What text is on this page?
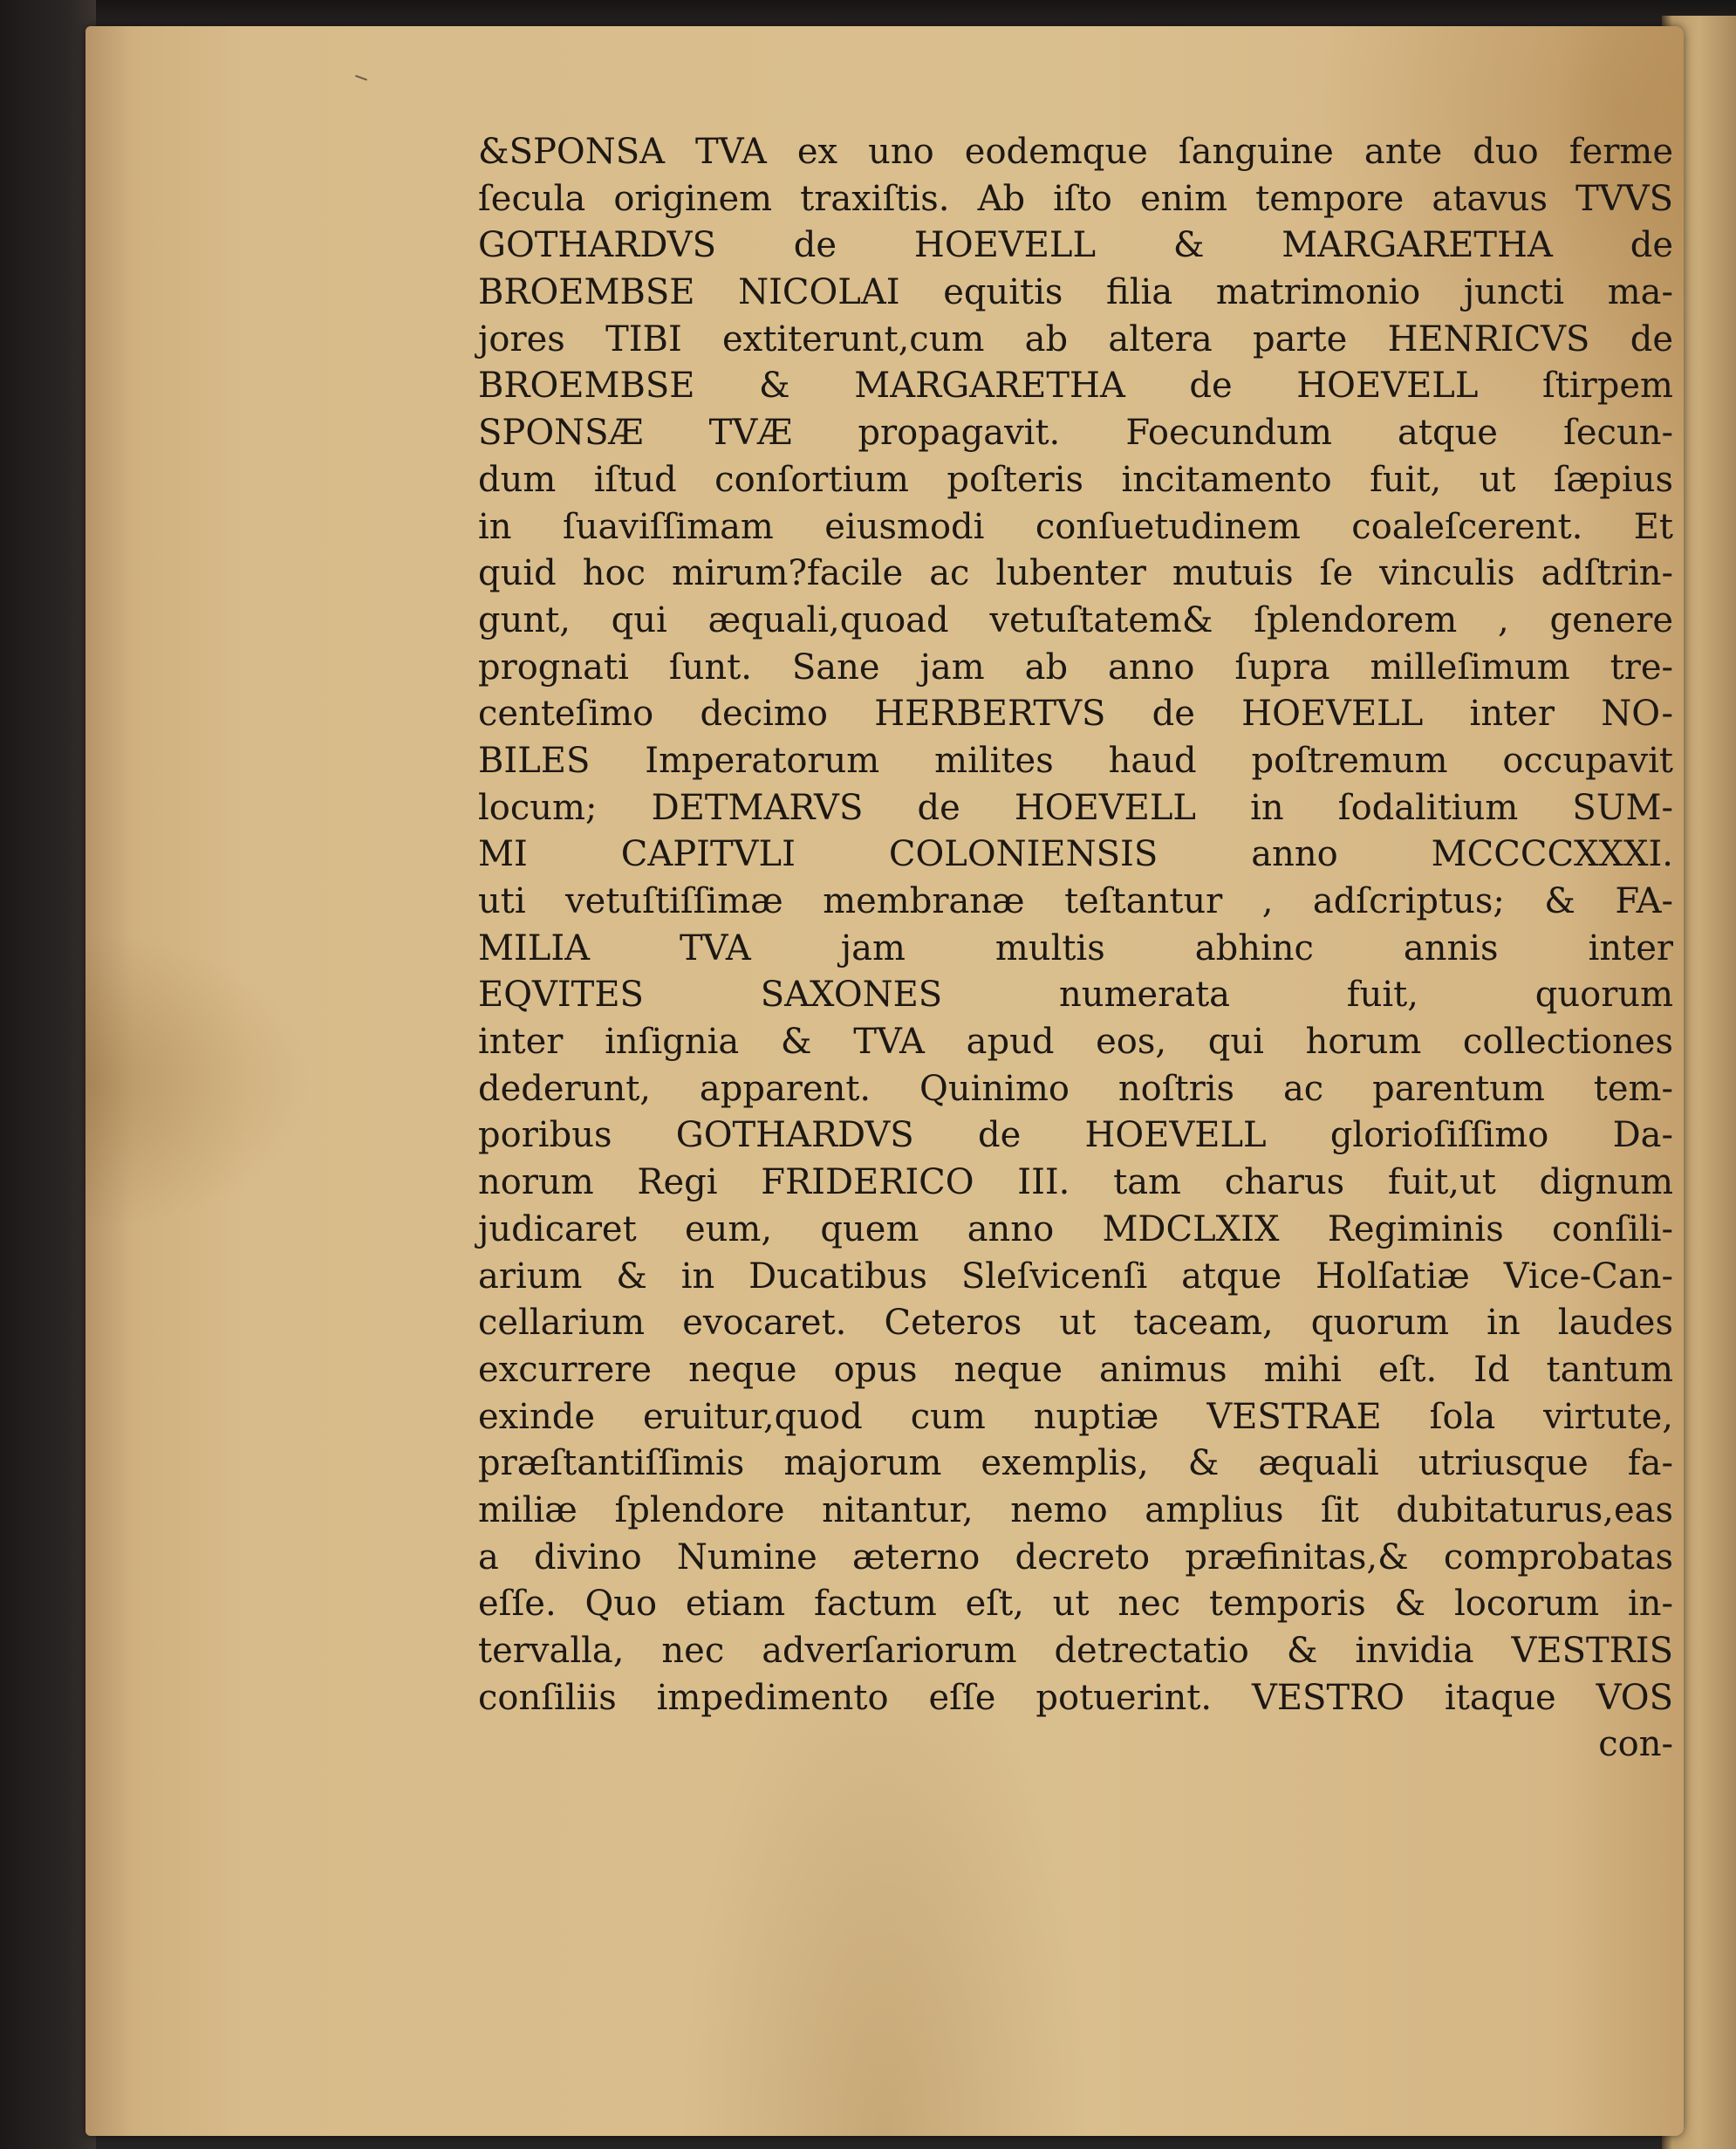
&SPONSA TVA ex uno eodemque ſanguine ante duo ferme
ſecula originem traxiſtis. Ab iſto enim tempore atavus TVVS
GOTHARDVS de HOEVELL & MARGARETHA de
BROEMBSE NICOLAI equitis filia matrimonio juncti ma-
jores TIBI extiterunt,cum ab altera parte HENRICVS de
BROEMBSE & MARGARETHA de HOEVELL ſtirpem
SPONSÆ TVÆ propagavit. Foecundum atque ſecun-
dum iſtud conſortium poſteris incitamento fuit, ut ſæpius
in ſuaviſſimam eiusmodi conſuetudinem coaleſcerent. Et
quid hoc mirum?facile ac lubenter mutuis ſe vinculis adſtrin-
gunt, qui æquali,quoad vetuſtatem& ſplendorem , genere
prognati ſunt. Sane jam ab anno ſupra milleſimum tre-
centeſimo decimo HERBERTVS de HOEVELL inter NO-
BILES Imperatorum milites haud poſtremum occupavit
locum; DETMARVS de HOEVELL in ſodalitium SUM-
MI CAPITVLI COLONIENSIS anno MCCCCXXXI.
uti vetuſtiſſimæ membranæ teſtantur , adſcriptus; & FA-
MILIA TVA jam multis abhinc annis inter
EQVITES SAXONES numerata fuit, quorum
inter inſignia & TVA apud eos, qui horum collectiones
dederunt, apparent. Quinimo noſtris ac parentum tem-
poribus GOTHARDVS de HOEVELL glorioſiſſimo Da-
norum Regi FRIDERICO III. tam charus fuit,ut dignum
judicaret eum, quem anno MDCLXIX Regiminis conſili-
arium & in Ducatibus Sleſvicenſi atque Holſatiæ Vice-Can-
cellarium evocaret. Ceteros ut taceam, quorum in laudes
excurrere neque opus neque animus mihi eſt. Id tantum
exinde eruitur,quod cum nuptiæ VESTRAE ſola virtute,
præſtantiſſimis majorum exemplis, & æquali utriusque fa-
miliæ ſplendore nitantur, nemo amplius ſit dubitaturus,eas
a divino Numine æterno decreto præfinitas,& comprobatas
eſſe. Quo etiam factum eſt, ut nec temporis & locorum in-
tervalla, nec adverſariorum detrectatio & invidia VESTRIS
conſiliis impedimento eſſe potuerint. VESTRO itaque VOS
con-
